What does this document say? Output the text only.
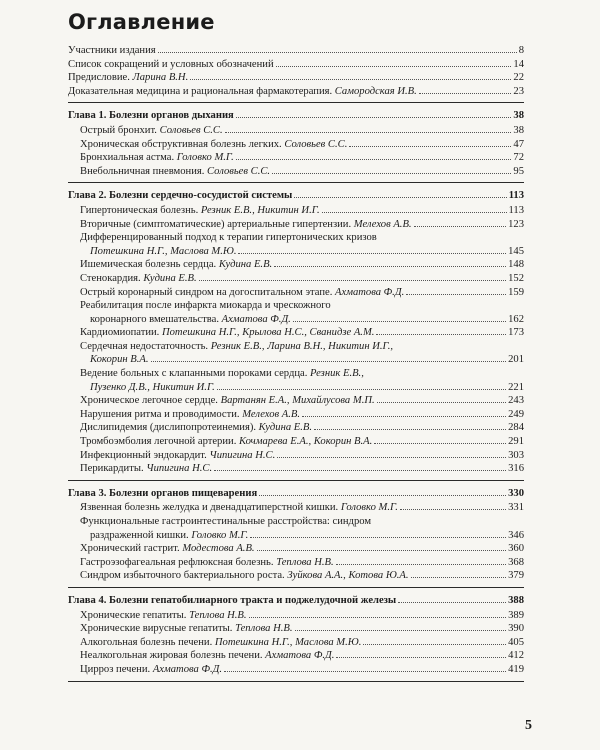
Оглавление
Участники издания	8
Список сокращений и условных обозначений	14
Предисловие. Ларина В.Н.	22
Доказательная медицина и рациональная фармакотерапия. Самородская И.В.	23
Глава 1. Болезни органов дыхания	38
Острый бронхит. Соловьев С.С.	38
Хроническая обструктивная болезнь легких. Соловьев С.С.	47
Бронхиальная астма. Головко М.Г.	72
Внебольничная пневмония. Соловьев С.С.	95
Глава 2. Болезни сердечно-сосудистой системы	113
Гипертоническая болезнь. Резник Е.В., Никитин И.Г.	113
Вторичные (симптоматические) артериальные гипертензии. Мелехов А.В.	123
Дифференцированный подход к терапии гипертонических кризов
Потешкина Н.Г., Маслова М.Ю.	145
Ишемическая болезнь сердца. Кудина Е.В.	148
Стенокардия. Кудина Е.В.	152
Острый коронарный синдром на догоспитальном этапе. Ахматова Ф.Д.	159
Реабилитация после инфаркта миокарда и чрескожного
коронарного вмешательства. Ахматова Ф.Д.	162
Кардиомиопатии. Потешкина Н.Г., Крылова Н.С., Сванидзе А.М.	173
Сердечная недостаточность. Резник Е.В., Ларина В.Н., Никитин И.Г.,
Кокорин В.А.	201
Ведение больных с клапанными пороками сердца. Резник Е.В.,
Пузенко Д.В., Никитин И.Г.	221
Хроническое легочное сердце. Вартанян Е.А., Михайлусова М.П.	243
Нарушения ритма и проводимости. Мелехов А.В.	249
Дислипидемия (дислипопротеинемия). Кудина Е.В.	284
Тромбоэмболия легочной артерии. Кочмарева Е.А., Кокорин В.А.	291
Инфекционный эндокардит. Чипигина Н.С.	303
Перикардиты. Чипигина Н.С.	316
Глава 3. Болезни органов пищеварения	330
Язвенная болезнь желудка и двенадцатиперстной кишки. Головко М.Г.	331
Функциональные гастроинтестинальные расстройства: синдром
раздраженной кишки. Головко М.Г.	346
Хронический гастрит. Модестова А.В.	360
Гастроэзофагеальная рефлюксная болезнь. Теплова Н.В.	368
Синдром избыточного бактериального роста. Зуйкова А.А., Котова Ю.А.	379
Глава 4. Болезни гепатобилиарного тракта и поджелудочной железы	388
Хронические гепатиты. Теплова Н.В.	389
Хронические вирусные гепатиты. Теплова Н.В.	390
Алкогольная болезнь печени. Потешкина Н.Г., Маслова М.Ю.	405
Неалкогольная жировая болезнь печени. Ахматова Ф.Д.	412
Цирроз печени. Ахматова Ф.Д.	419
5
